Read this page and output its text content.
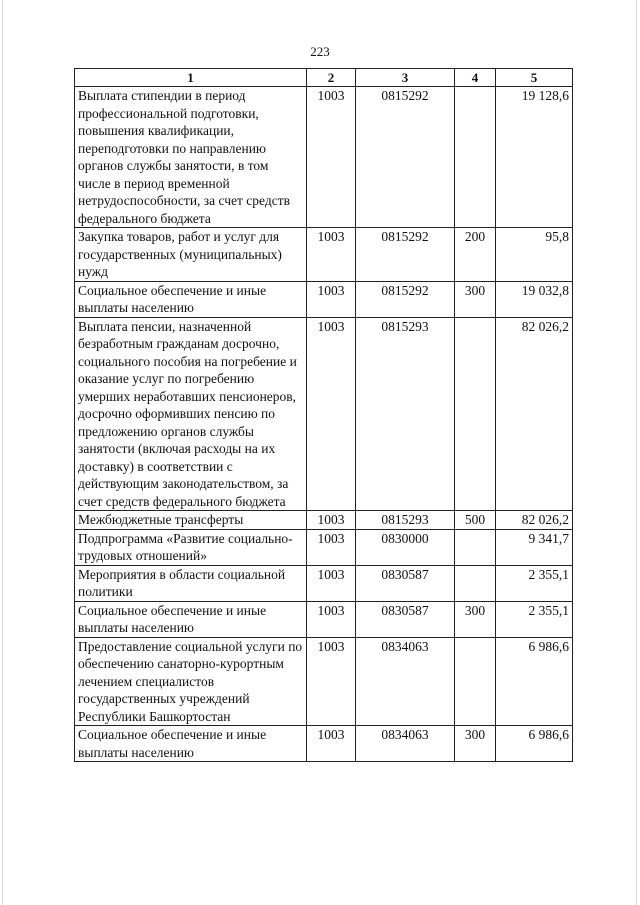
223
1	2	3	4	5
Выплата стипендии в период профессиональной подготовки, повышения квалификации, переподготовки по направлению органов службы занятости, в том числе в период временной нетрудоспособности, за счет средств федерального бюджета	1003	0815292		19 128,6
Закупка товаров, работ и услуг для государственных (муниципальных) нужд	1003	0815292	200	95,8
Социальное обеспечение и иные выплаты населению	1003	0815292	300	19 032,8
Выплата пенсии, назначенной безработным гражданам досрочно, социального пособия на погребение и оказание услуг по погребению умерших неработавших пенсионеров, досрочно оформивших пенсию по предложению органов службы занятости (включая расходы на их доставку) в соответствии с действующим законодательством, за счет средств федерального бюджета	1003	0815293		82 026,2
Межбюджетные трансферты	1003	0815293	500	82 026,2
Подпрограмма «Развитие социально-трудовых отношений»	1003	0830000		9 341,7
Мероприятия в области социальной политики	1003	0830587		2 355,1
Социальное обеспечение и иные выплаты населению	1003	0830587	300	2 355,1
Предоставление социальной услуги по обеспечению санаторно-курортным лечением специалистов государственных учреждений Республики Башкортостан	1003	0834063		6 986,6
Социальное обеспечение и иные выплаты населению	1003	0834063	300	6 986,6
